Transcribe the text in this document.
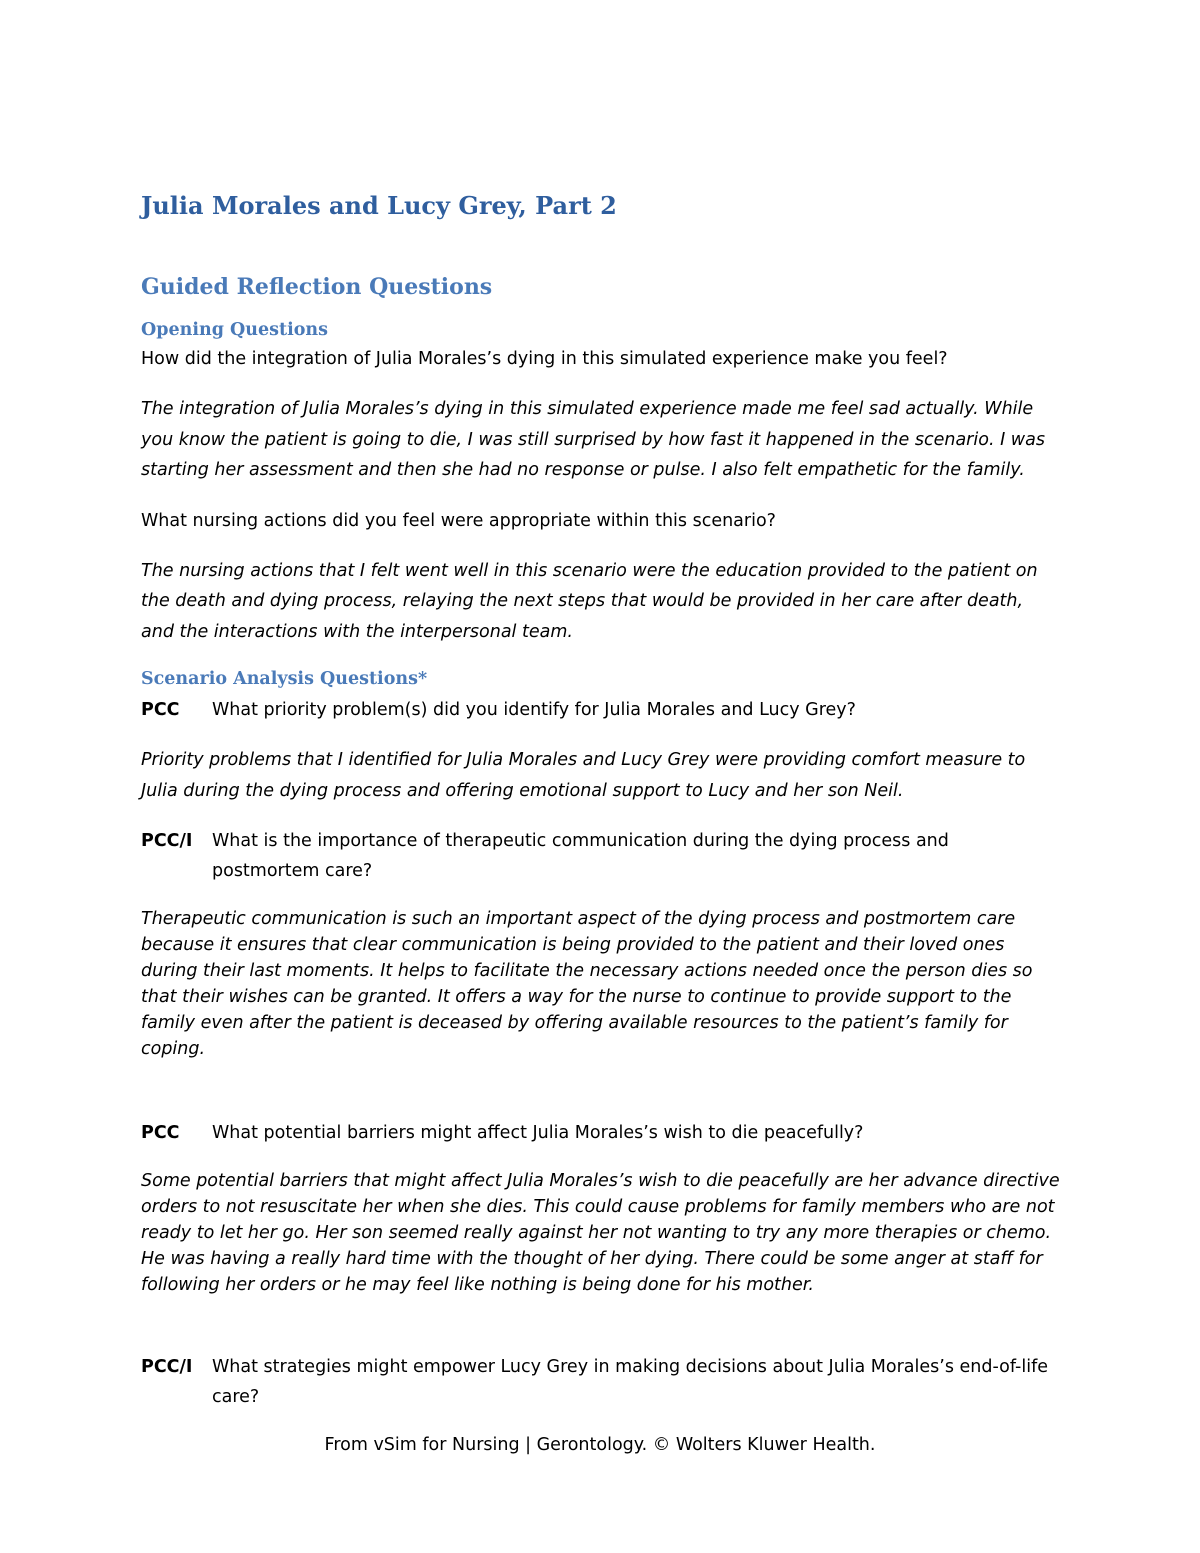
Julia Morales and Lucy Grey, Part 2
Guided Reflection Questions
Opening Questions

How did the integration of Julia Morales’s dying in this simulated experience make you feel?

The integration of Julia Morales’s dying in this simulated experience made me feel sad actually. While you know the patient is going to die, I was still surprised by how fast it happened in the scenario. I was starting her assessment and then she had no response or pulse. I also felt empathetic for the family.

What nursing actions did you feel were appropriate within this scenario?

The nursing actions that I felt went well in this scenario were the education provided to the patient on the death and dying process, relaying the next steps that would be provided in her care after death, and the interactions with the interpersonal team.

Scenario Analysis Questions*
PCC	What priority problem(s) did you identify for Julia Morales and Lucy Grey?

Priority problems that I identified for Julia Morales and Lucy Grey were providing comfort measure to Julia during the dying process and offering emotional support to Lucy and her son Neil.

PCC/I	What is the importance of therapeutic communication during the dying process and postmortem care?

Therapeutic communication is such an important aspect of the dying process and postmortem care because it ensures that clear communication is being provided to the patient and their loved ones during their last moments. It helps to facilitate the necessary actions needed once the person dies so that their wishes can be granted. It offers a way for the nurse to continue to provide support to the family even after the patient is deceased by offering available resources to the patient’s family for coping.

PCC	What potential barriers might affect Julia Morales’s wish to die peacefully?

Some potential barriers that might affect Julia Morales’s wish to die peacefully are her advance directive orders to not resuscitate her when she dies. This could cause problems for family members who are not ready to let her go. Her son seemed really against her not wanting to try any more therapies or chemo. He was having a really hard time with the thought of her dying. There could be some anger at staff for following her orders or he may feel like nothing is being done for his mother.

PCC/I	What strategies might empower Lucy Grey in making decisions about Julia Morales’s end-of-life care?
From vSim for Nursing | Gerontology. © Wolters Kluwer Health.
